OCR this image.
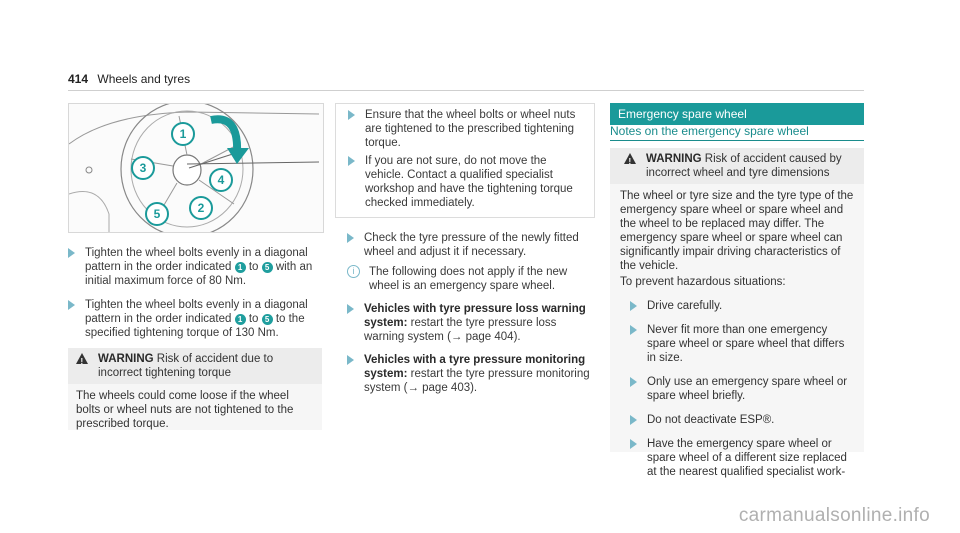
414 Wheels and tyres
1
3
4
5	2
Tighten the wheel bolts evenly in a diagonal pattern in the order indicated 1 to 5 with an initial maximum force of 80 Nm.
Tighten the wheel bolts evenly in a diagonal pattern in the order indicated 1 to 5 to the specified tightening torque of 130 Nm.
! WARNING Risk of accident due to incorrect tightening torque
The wheels could come loose if the wheel bolts or wheel nuts are not tightened to the prescribed torque.
Ensure that the wheel bolts or wheel nuts are tightened to the prescribed tightening torque.
If you are not sure, do not move the vehicle. Contact a qualified specialist workshop and have the tightening torque checked immediately.
Check the tyre pressure of the newly fitted wheel and adjust it if necessary.
i	The following does not apply if the new wheel is an emergency spare wheel.
Vehicles with tyre pressure loss warning system: restart the tyre pressure loss warning system (→ page 404).
Vehicles with a tyre pressure monitoring system: restart the tyre pressure monitoring system (→ page 403).
Emergency spare wheel
Notes on the emergency spare wheel
! WARNING Risk of accident caused by incorrect wheel and tyre dimensions
The wheel or tyre size and the tyre type of the emergency spare wheel or spare wheel and the wheel to be replaced may differ. The emergency spare wheel or spare wheel can significantly impair driving characteristics of the vehicle.
To prevent hazardous situations:
Drive carefully.
Never fit more than one emergency spare wheel or spare wheel that differs in size.
Only use an emergency spare wheel or spare wheel briefly.
Do not deactivate ESP®.
Have the emergency spare wheel or spare wheel of a different size replaced at the nearest qualified specialist work-
carmanualsonline.info
